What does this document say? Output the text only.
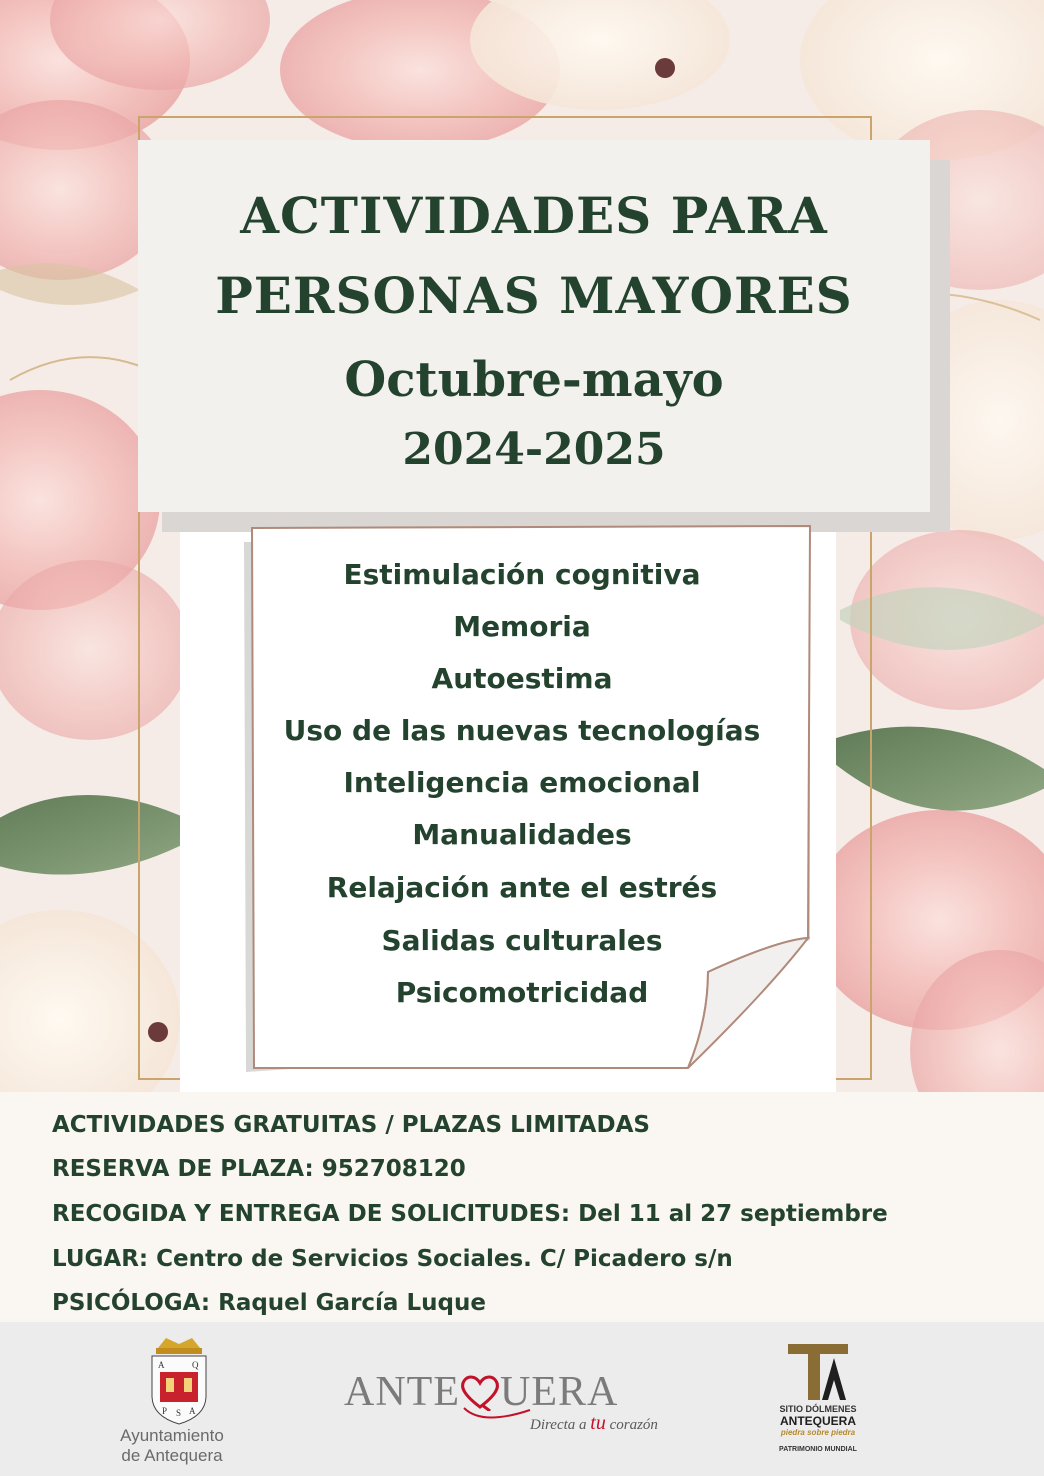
ACTIVIDADES PARA
PERSONAS MAYORES
Octubre-mayo
2024-2025
Estimulación cognitiva
Memoria
Autoestima
Uso de las nuevas tecnologías
Inteligencia emocional
Manualidades
Relajación ante el estrés
Salidas culturales
Psicomotricidad
ACTIVIDADES GRATUITAS / PLAZAS LIMITADAS
RESERVA DE PLAZA: 952708120
RECOGIDA Y ENTREGA DE SOLICITUDES: Del 11 al 27 septiembre
LUGAR: Centro de Servicios Sociales. C/ Picadero s/n
PSICÓLOGA: Raquel García Luque
A	Q
P S A
Ayuntamiento
de Antequera
ANTE UERA
Directa a tu corazón
SITIO DÓLMENES
ANTEQUERA
piedra sobre piedra
PATRIMONIO MUNDIAL
